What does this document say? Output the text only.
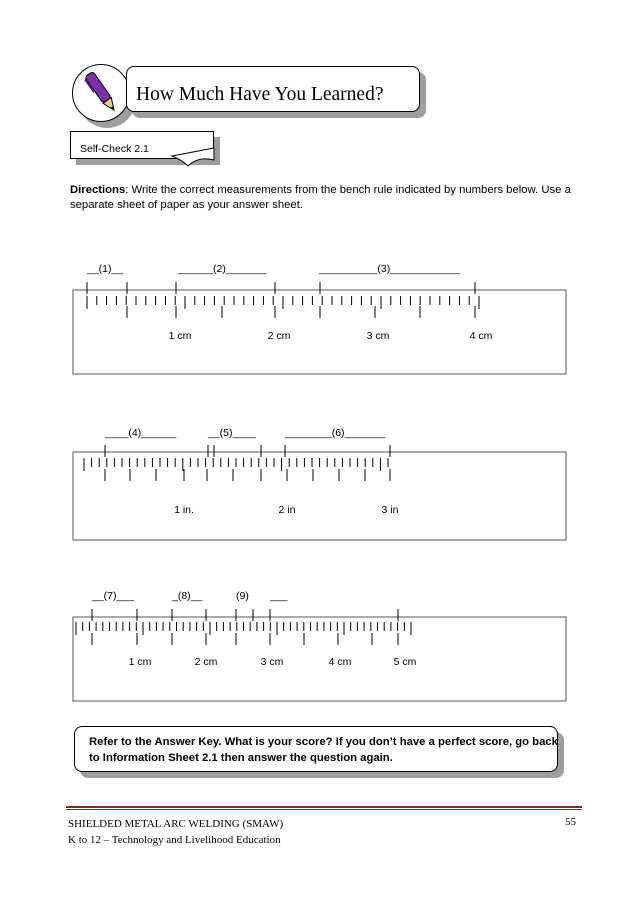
How Much Have You Learned?
Self-Check 2.1
Directions: Write the correct measurements from the bench rule indicated by numbers below. Use a separate sheet of paper as your answer sheet.
1 cm	2 cm	3 cm	4 cm
__(1)__	______(2)_______	__________(3)____________
1 in.	2 in	3 in
____(4)______	__(5)____	________(6)_______
1 cm	2 cm	3 cm	4 cm	5 cm
__(7)___	_(8)__	(9) ___
Refer to the Answer Key. What is your score? If you don’t have a perfect score, go back to Information Sheet 2.1 then answer the question again.
SHIELDED METAL ARC WELDING (SMAW)
K to 12 – Technology and Livelihood Education
55
